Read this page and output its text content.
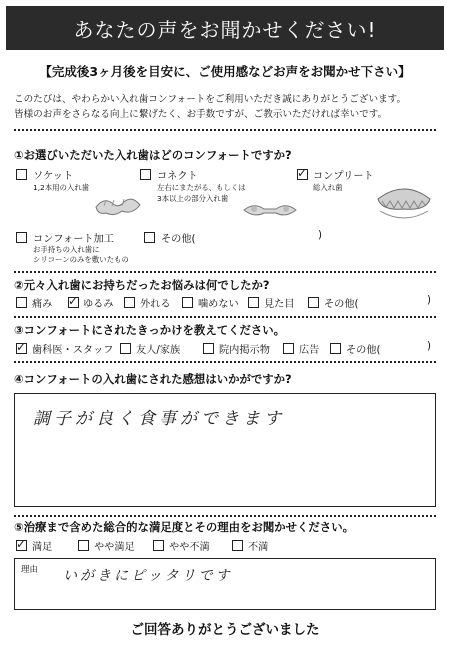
あなたの声をお聞かせください!
【完成後3ヶ月後を目安に、ご使用感などお声をお聞かせ下さい】
このたびは、やわらかい入れ歯コンフォートをご利用いただき誠にありがとうございます。
皆様のお声をさらなる向上に繋げたく、お手数ですが、ご教示いただければ幸いです。
①お選びいただいた入れ歯はどのコンフォートですか?
ソケット
1,2本用の入れ歯
コネクト
左右にまたがる、もしくは
3本以上の部分入れ歯
✓ コンプリート
総入れ歯
コンフォート加工
お手持ちの入れ歯に
シリコーンのみを敷いたもの
その他(	)
②元々入れ歯にお持ちだったお悩みは何でしたか?
痛み ✓ ゆるみ	外れる	噛めない 見た目	その他(	)
③コンフォートにされたきっかけを教えてください。
✓ 歯科医・スタッフ 友人/家族	院内掲示物	広告	その他(	)
④コンフォートの入れ歯にされた感想はいかがですか?
調子が良く食事ができます
⑤治療まで含めた総合的な満足度とその理由をお聞かせください。
✓ 満足	やや満足	やや不満	不満
理由 いがきにピッタリです
ご回答ありがとうございました
